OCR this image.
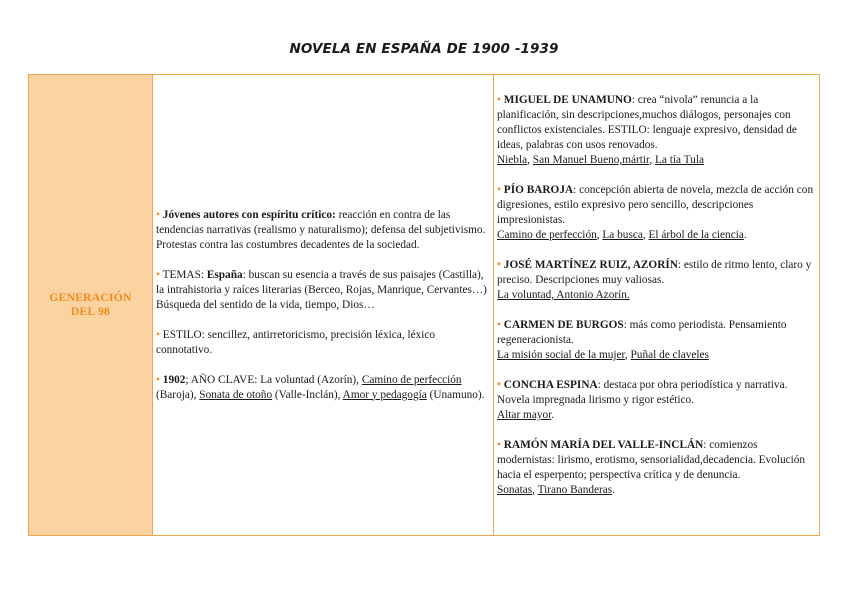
NOVELA EN ESPAÑA DE 1900 -1939
GENERACIÓN
DEL 98

• Jóvenes autores con espíritu crítico: reacción en contra de las tendencias narrativas (realismo y naturalismo); defensa del subjetivismo.
Protestas contra las costumbres decadentes de la sociedad.

• TEMAS: España: buscan su esencia a través de sus paisajes (Castilla), la intrahistoria y raíces literarias (Berceo, Rojas, Manrique, Cervantes…)
Búsqueda del sentido de la vida, tiempo, Dios…

• ESTILO: sencillez, antirretoricismo, precisión léxica, léxico connotativo.

• 1902; AÑO CLAVE: La voluntad (Azorín), Camino de perfección (Baroja), Sonata de otoño (Valle-Inclán), Amor y pedagogía (Unamuno).

• MIGUEL DE UNAMUNO: crea “nivola” renuncia a la planificación, sin descripciones,muchos diálogos, personajes con conflictos existenciales. ESTILO: lenguaje expresivo, densidad de ideas, palabras con usos renovados.
Niebla, San Manuel Bueno,mártir, La tía Tula

• PÍO BAROJA: concepción abierta de novela, mezcla de acción con digresiones, estilo expresivo pero sencillo, descripciones impresionistas.
Camino de perfección, La busca, El árbol de la ciencia.

• JOSÉ MARTÍNEZ RUIZ, AZORÍN: estilo de ritmo lento, claro y preciso. Descripciones muy valiosas.
La voluntad, Antonio Azorín.

• CARMEN DE BURGOS: más como periodista. Pensamiento regeneracionista.
La misión social de la mujer, Puñal de claveles

• CONCHA ESPINA: destaca por obra periodística y narrativa. Novela impregnada lirismo y rigor estético.
Altar mayor.

• RAMÓN MARÍA DEL VALLE-INCLÁN: comienzos modernistas: lirismo, erotismo, sensorialidad,decadencia. Evolución hacia el esperpento; perspectiva crítica y de denuncia.
Sonatas, Tirano Banderas.
